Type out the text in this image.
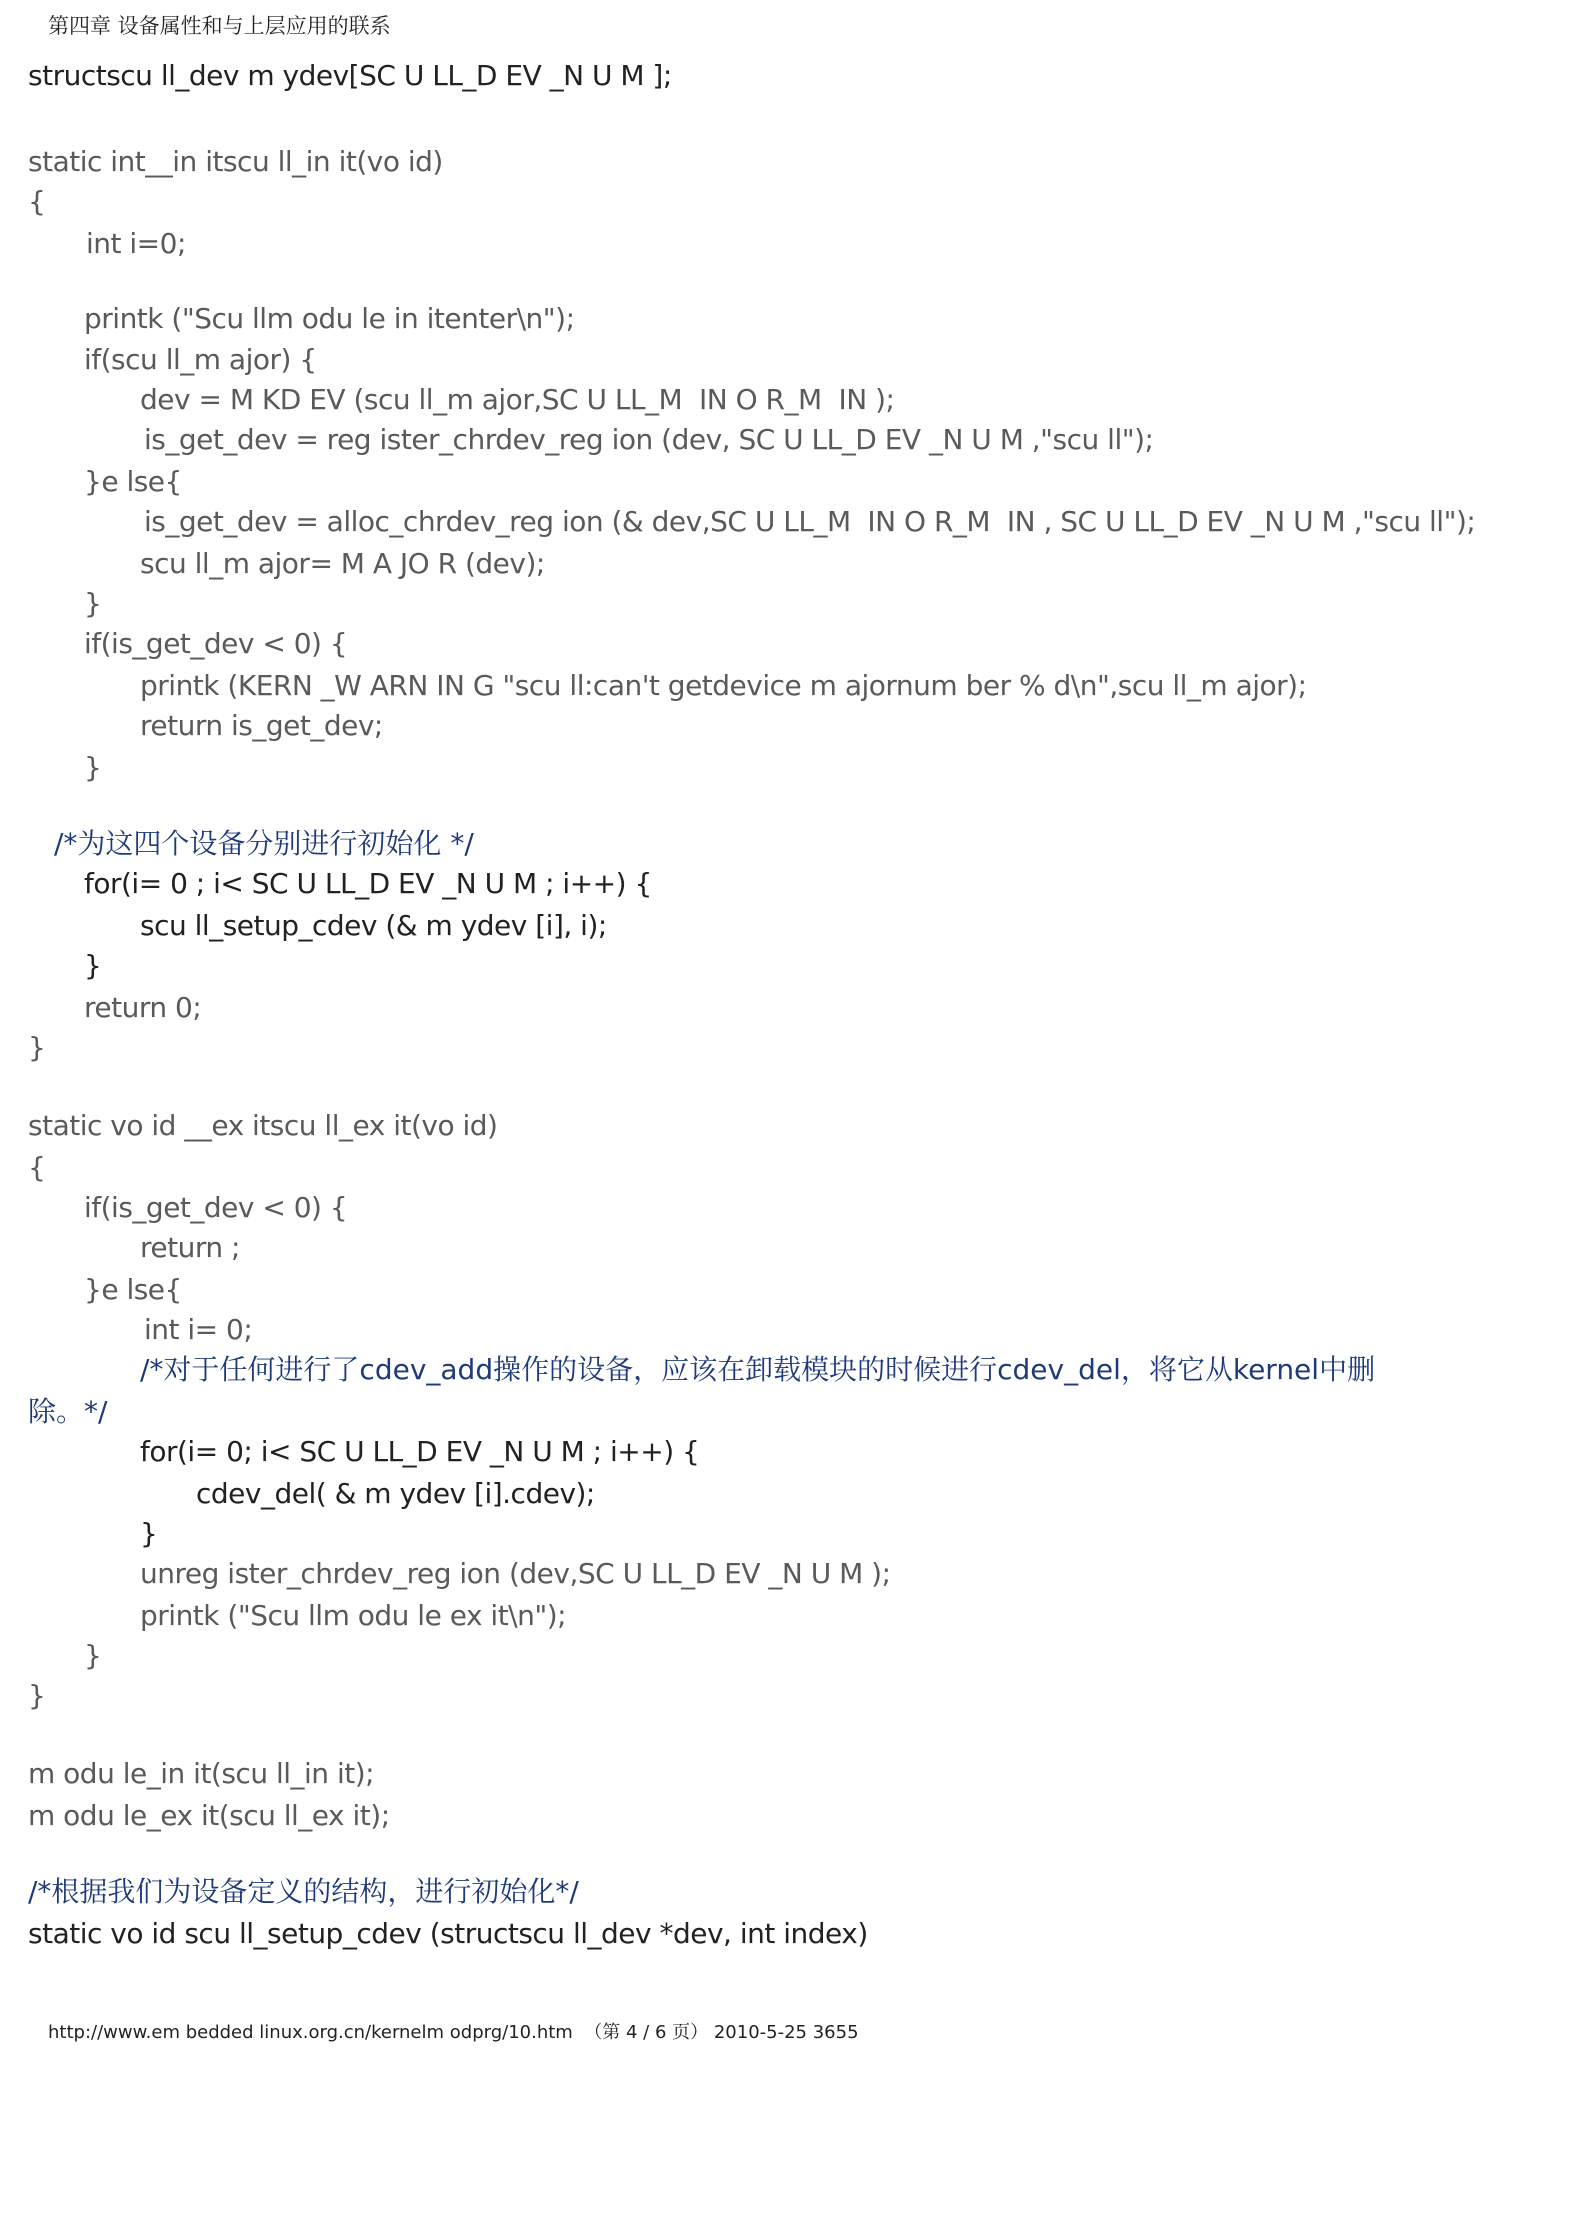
第四章 设备属性和与上层应用的联系
structscu ll_dev m ydev[SC U LL_D EV _N U M ];
static int__in itscu ll_in it(vo id)
{
int i=0;
printk ("Scu llm odu le in itenter\n");
if(scu ll_m ajor) {
dev = M KD EV (scu ll_m ajor,SC U LL_M  IN O R_M  IN );
is_get_dev = reg ister_chrdev_reg ion (dev, SC U LL_D EV _N U M ,"scu ll");
}e lse{
is_get_dev = alloc_chrdev_reg ion (& dev,SC U LL_M  IN O R_M  IN , SC U LL_D EV _N U M ,"scu ll");
scu ll_m ajor= M A JO R (dev);
}
if(is_get_dev < 0) {
printk (KERN _W ARN IN G "scu ll:can't getdevice m ajornum ber % d\n",scu ll_m ajor);
return is_get_dev;
}
/*为这四个设备分别进行初始化 */
for(i= 0 ; i< SC U LL_D EV _N U M ; i++) {
scu ll_setup_cdev (& m ydev [i], i);
}
return 0;
}
static vo id __ex itscu ll_ex it(vo id)
{
if(is_get_dev < 0) {
return ;
}e lse{
int i= 0;
/*对于任何进行了cdev_add操作的设备，应该在卸载模块的时候进行cdev_del，将它从kernel中删
除。*/
for(i= 0; i< SC U LL_D EV _N U M ; i++) {
cdev_del( & m ydev [i].cdev);
}
unreg ister_chrdev_reg ion (dev,SC U LL_D EV _N U M );
printk ("Scu llm odu le ex it\n");
}
}
m odu le_in it(scu ll_in it);
m odu le_ex it(scu ll_ex it);
/*根据我们为设备定义的结构，进行初始化*/
static vo id scu ll_setup_cdev (structscu ll_dev *dev, int index)
http://www.em bedded linux.org.cn/kernelm odprg/10.htm  （第 4 / 6 页） 2010-5-25 3655
